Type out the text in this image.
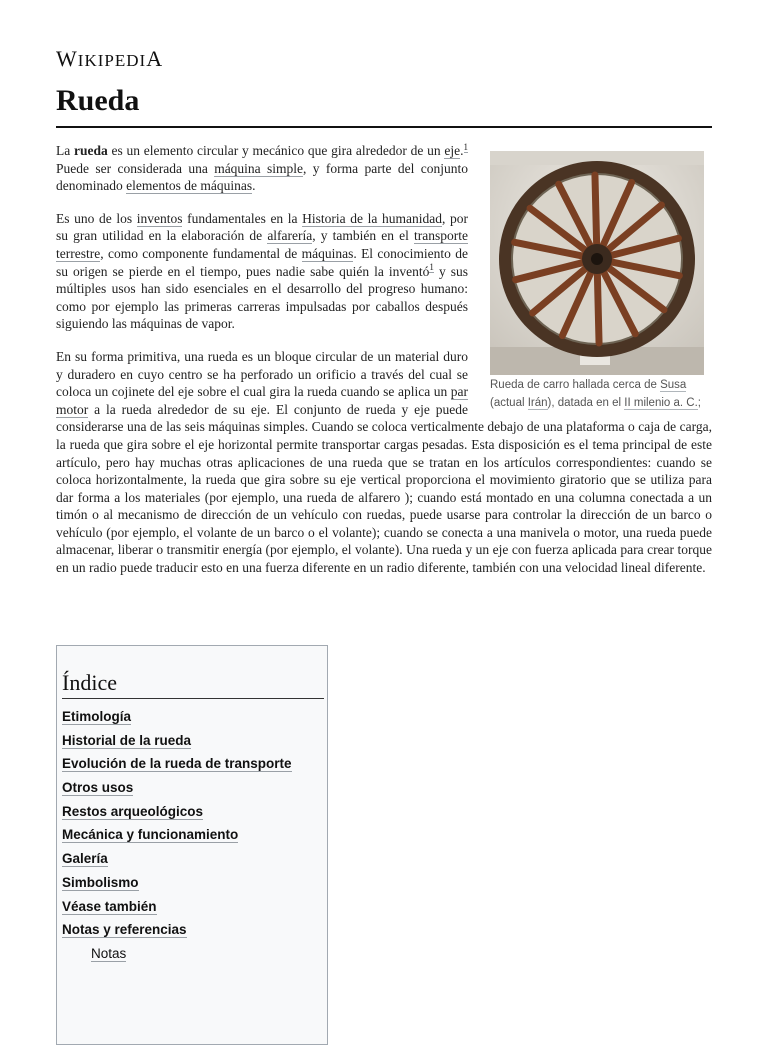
WIKIPEDIA
Rueda
Rueda de carro hallada cerca de Susa (actual Irán), datada en el II milenio a. C.;

La rueda es un elemento circular y mecánico que gira alrededor de un eje.$^1$ Puede ser considerada una máquina simple, y forma parte del conjunto denominado elementos de máquinas.

Es uno de los inventos fundamentales en la Historia de la humanidad, por su gran utilidad en la elaboración de alfarería, y también en el transporte terrestre, como componente fundamental de máquinas. El conocimiento de su origen se pierde en el tiempo, pues nadie sabe quién la inventó$^1$ y sus múltiples usos han sido esenciales en el desarrollo del progreso humano: como por ejemplo las primeras carreras impulsadas por caballos después siguiendo las máquinas de vapor.

En su forma primitiva, una rueda es un bloque circular de un material duro y duradero en cuyo centro se ha perforado un orificio a través del cual se coloca un cojinete del eje sobre el cual gira la rueda cuando se aplica un par motor a la rueda alrededor de su eje. El conjunto de rueda y eje puede considerarse una de las seis máquinas simples. Cuando se coloca verticalmente debajo de una plataforma o caja de carga, la rueda que gira sobre el eje horizontal permite transportar cargas pesadas. Esta disposición es el tema principal de este artículo, pero hay muchas otras aplicaciones de una rueda que se tratan en los artículos correspondientes: cuando se coloca horizontalmente, la rueda que gira sobre su eje vertical proporciona el movimiento giratorio que se utiliza para dar forma a los materiales (por ejemplo, una rueda de alfarero ); cuando está montado en una columna conectada a un timón o al mecanismo de dirección de un vehículo con ruedas, puede usarse para controlar la dirección de un barco o vehículo (por ejemplo, el volante de un barco o el volante); cuando se conecta a una manivela o motor, una rueda puede almacenar, liberar o transmitir energía (por ejemplo, el volante). Una rueda y un eje con fuerza aplicada para crear torque en un radio puede traducir esto en una fuerza diferente en un radio diferente, también con una velocidad lineal diferente.

Índice
Etimología
Historial de la rueda
Evolución de la rueda de transporte
Otros usos
Restos arqueológicos
Mecánica y funcionamiento
Galería
Simbolismo
Véase también
Notas y referencias
Notas
